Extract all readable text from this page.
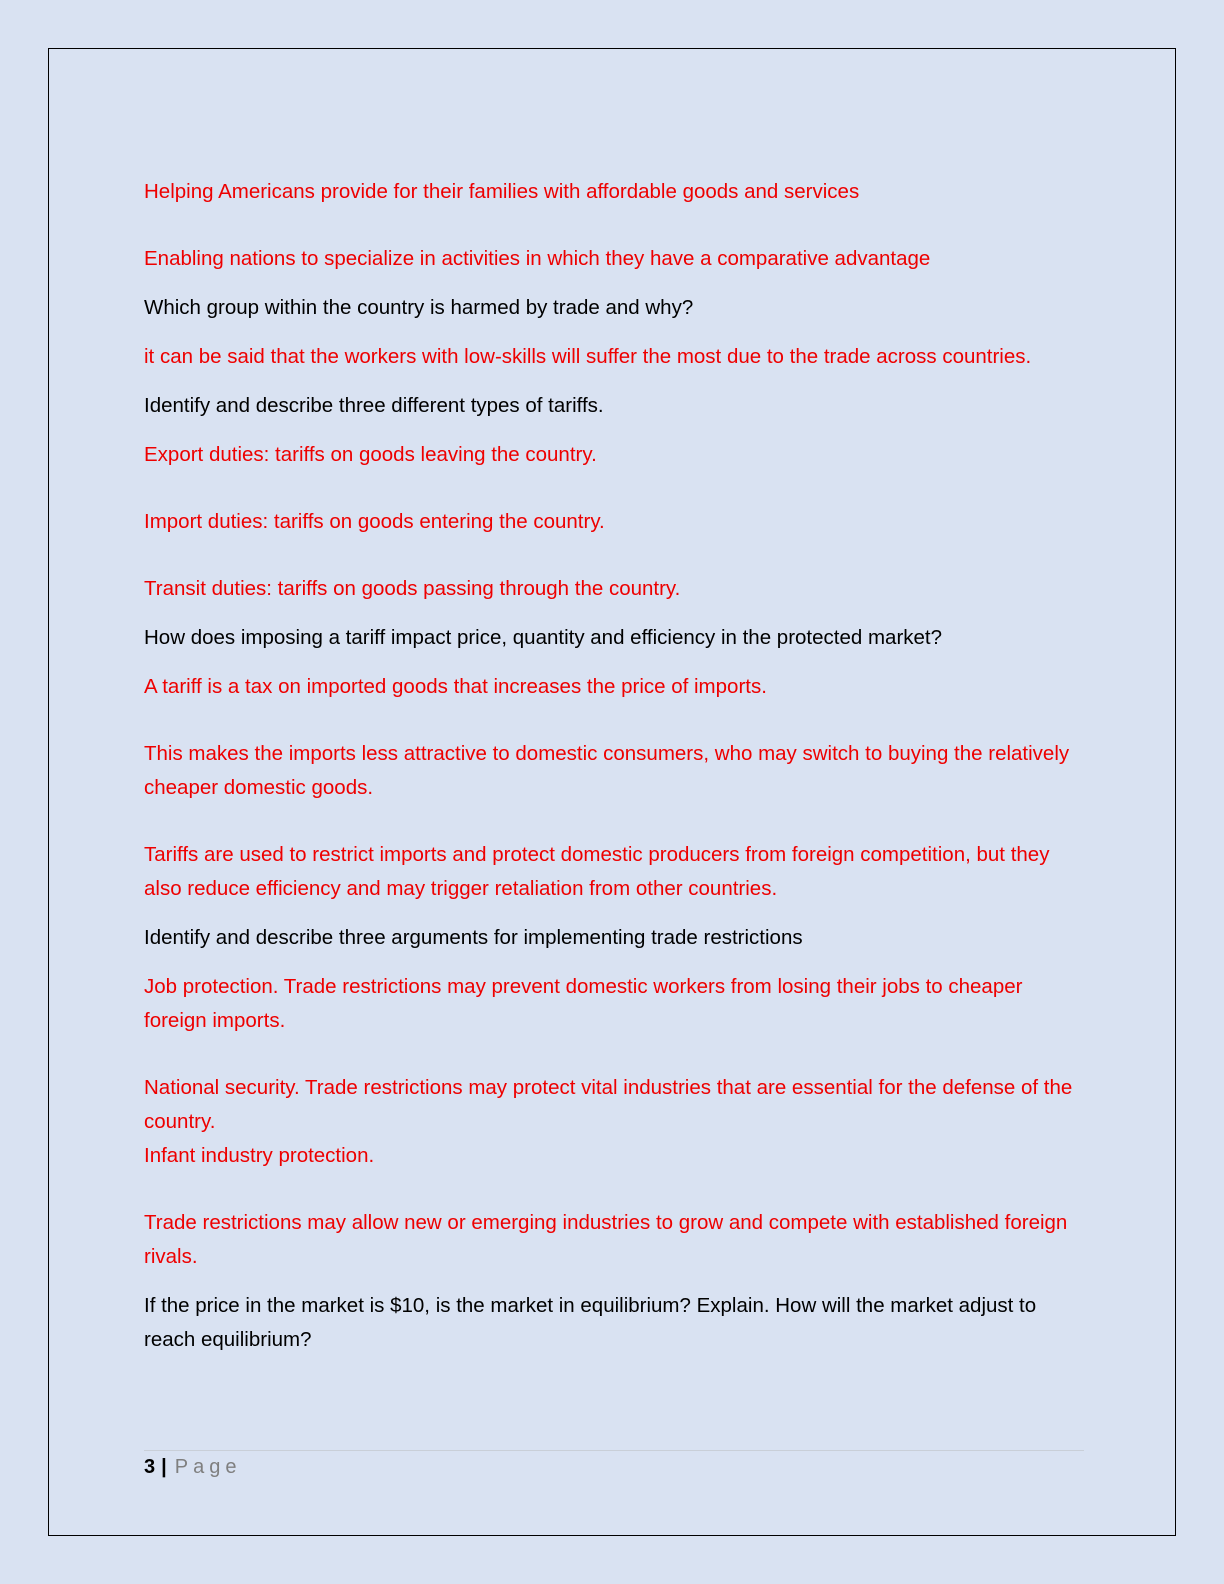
Helping Americans provide for their families with affordable goods and services

Enabling nations to specialize in activities in which they have a comparative advantage

Which group within the country is harmed by trade and why?

it can be said that the workers with low-skills will suffer the most due to the trade across countries.

Identify and describe three different types of tariffs.

Export duties: tariffs on goods leaving the country.

Import duties: tariffs on goods entering the country.

Transit duties: tariffs on goods passing through the country.

How does imposing a tariff impact price, quantity and efficiency in the protected market?

A tariff is a tax on imported goods that increases the price of imports.

This makes the imports less attractive to domestic consumers, who may switch to buying the relatively cheaper domestic goods.

Tariffs are used to restrict imports and protect domestic producers from foreign competition, but they also reduce efficiency and may trigger retaliation from other countries.

Identify and describe three arguments for implementing trade restrictions

Job protection. Trade restrictions may prevent domestic workers from losing their jobs to cheaper foreign imports.

National security. Trade restrictions may protect vital industries that are essential for the defense of the country.

Infant industry protection.

Trade restrictions may allow new or emerging industries to grow and compete with established foreign rivals.

If the price in the market is $10, is the market in equilibrium? Explain. How will the market adjust to reach equilibrium?

3 | Page
